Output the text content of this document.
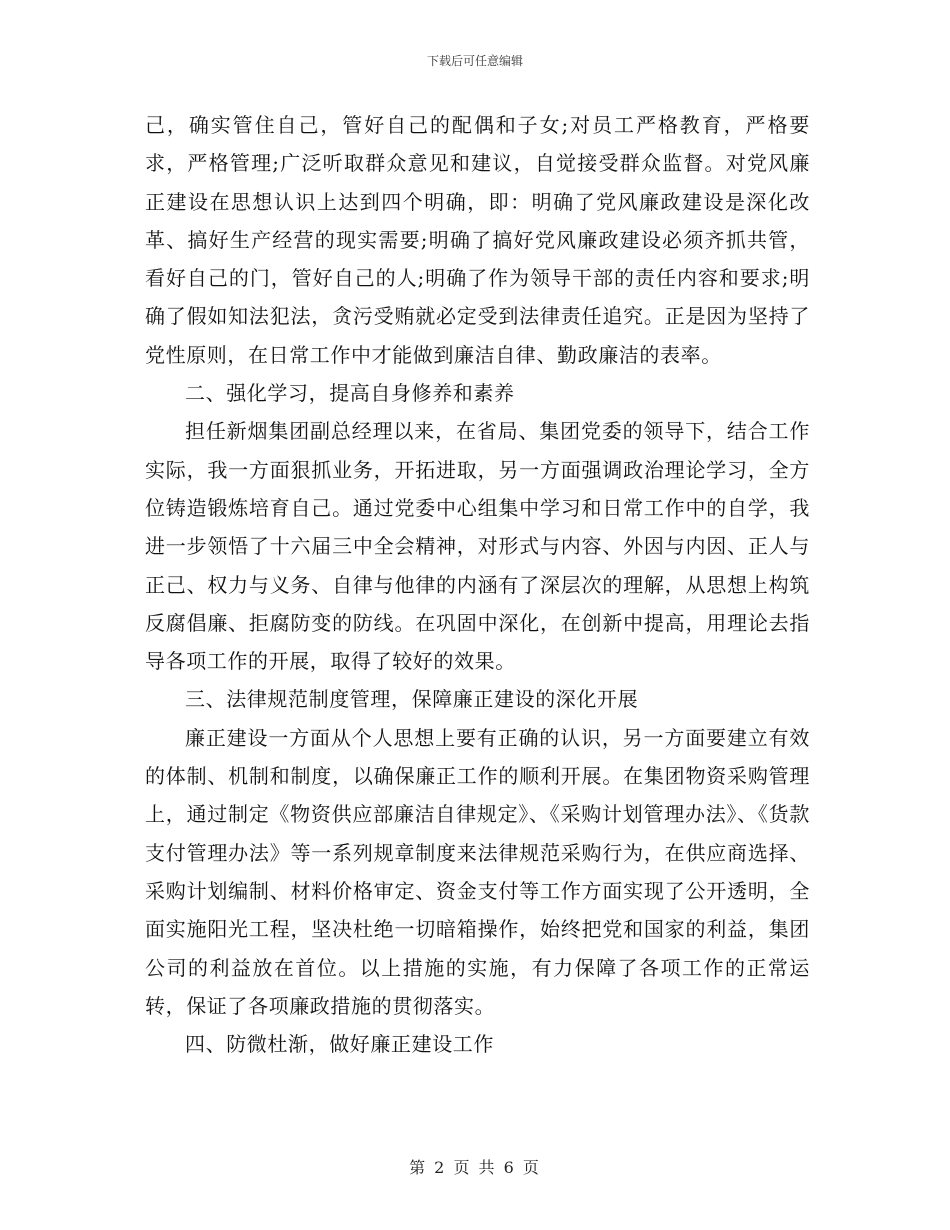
下载后可任意编辑

己，确实管住自己，管好自己的配偶和子女;对员工严格教育，严格要求，严格管理;广泛听取群众意见和建议，自觉接受群众监督。对党风廉正建设在思想认识上达到四个明确，即：明确了党风廉政建设是深化改革、搞好生产经营的现实需要;明确了搞好党风廉政建设必须齐抓共管，看好自己的门，管好自己的人;明确了作为领导干部的责任内容和要求;明确了假如知法犯法，贪污受贿就必定受到法律责任追究。正是因为坚持了党性原则，在日常工作中才能做到廉洁自律、勤政廉洁的表率。

二、强化学习，提高自身修养和素养

担任新烟集团副总经理以来，在省局、集团党委的领导下，结合工作实际，我一方面狠抓业务，开拓进取，另一方面强调政治理论学习，全方位铸造锻炼培育自己。通过党委中心组集中学习和日常工作中的自学，我进一步领悟了十六届三中全会精神，对形式与内容、外因与内因、正人与正己、权力与义务、自律与他律的内涵有了深层次的理解，从思想上构筑反腐倡廉、拒腐防变的防线。在巩固中深化，在创新中提高，用理论去指导各项工作的开展，取得了较好的效果。

三、法律规范制度管理，保障廉正建设的深化开展

廉正建设一方面从个人思想上要有正确的认识，另一方面要建立有效的体制、机制和制度，以确保廉正工作的顺利开展。在集团物资采购管理上，通过制定《物资供应部廉洁自律规定》、《采购计划管理办法》、《货款支付管理办法》等一系列规章制度来法律规范采购行为，在供应商选择、采购计划编制、材料价格审定、资金支付等工作方面实现了公开透明，全面实施阳光工程，坚决杜绝一切暗箱操作，始终把党和国家的利益，集团公司的利益放在首位。以上措施的实施，有力保障了各项工作的正常运转，保证了各项廉政措施的贯彻落实。

四、防微杜渐，做好廉正建设工作

第 2 页 共 6 页
